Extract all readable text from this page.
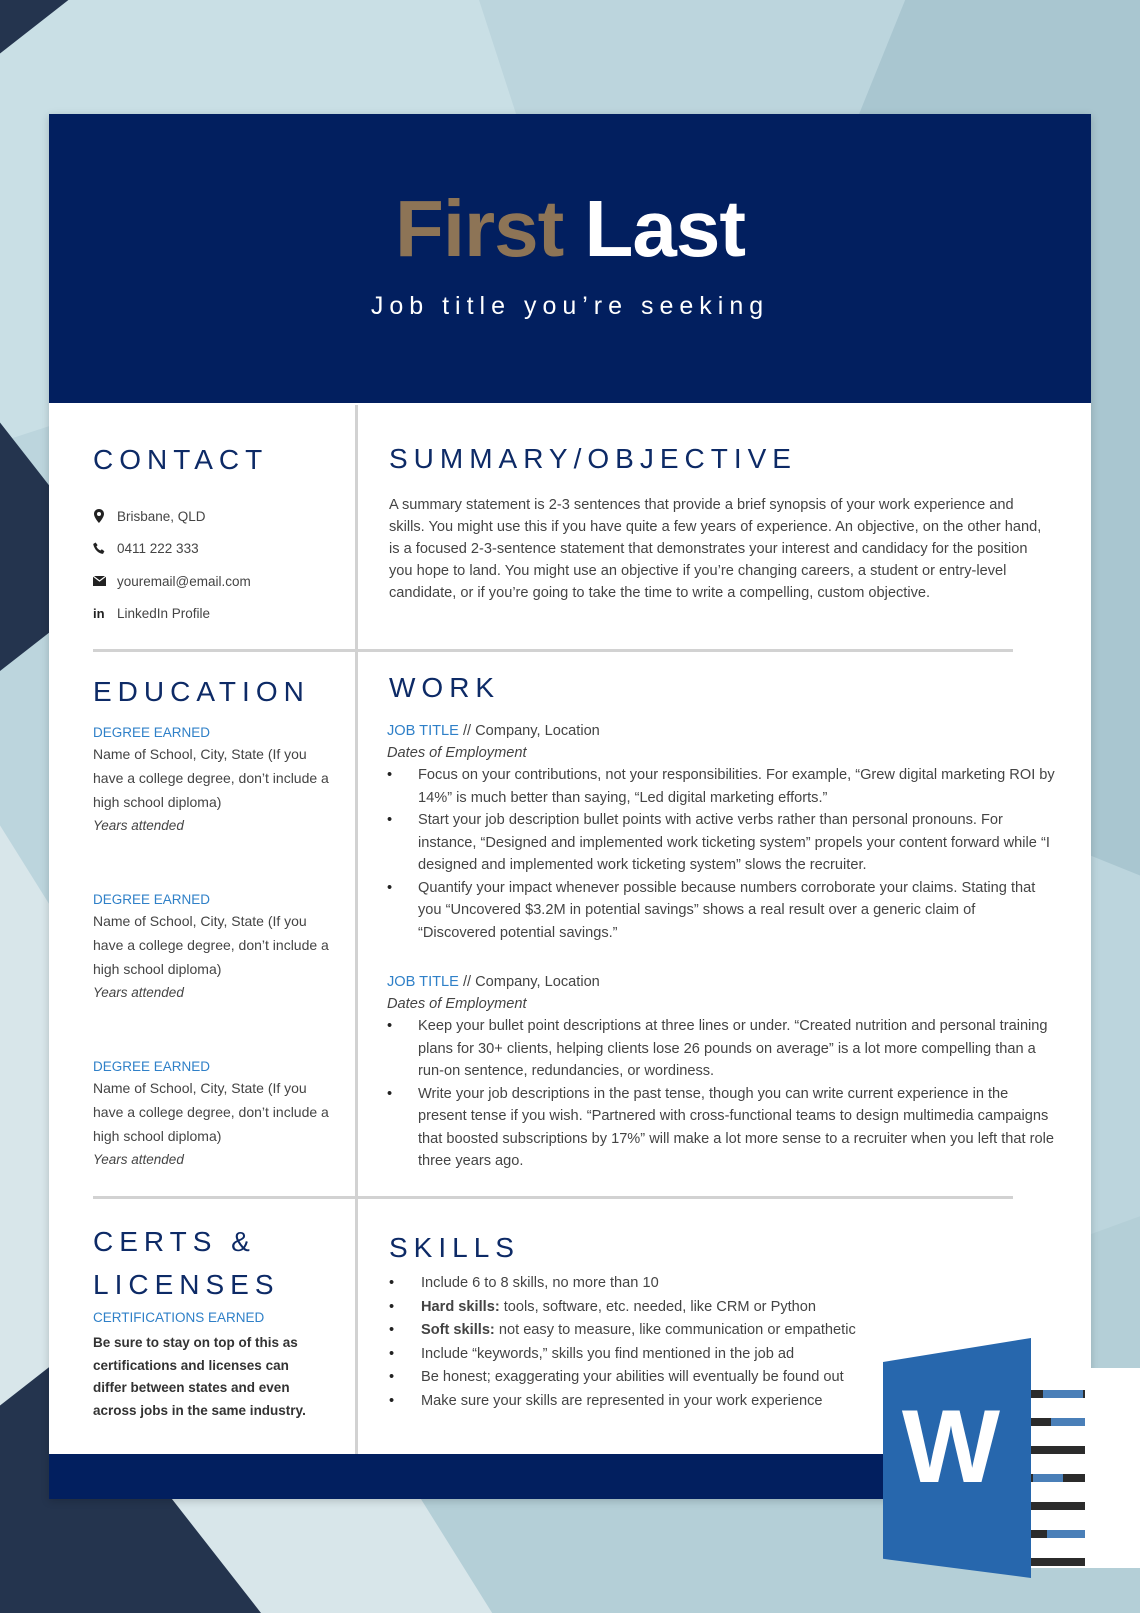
First Last
Job title you’re seeking
CONTACT
Brisbane, QLD
0411 222 333
youremail@email.com
in LinkedIn Profile
SUMMARY/OBJECTIVE
A summary statement is 2-3 sentences that provide a brief synopsis of your work experience and skills. You might use this if you have quite a few years of experience. An objective, on the other hand, is a focused 2-3-sentence statement that demonstrates your interest and candidacy for the position you hope to land. You might use an objective if you’re changing careers, a student or entry-level candidate, or if you’re going to take the time to write a compelling, custom objective.
EDUCATION
DEGREE EARNED
Name of School, City, State (If you have a college degree, don’t include a high school diploma)
Years attended
DEGREE EARNED
Name of School, City, State (If you have a college degree, don’t include a high school diploma)
Years attended
DEGREE EARNED
Name of School, City, State (If you have a college degree, don’t include a high school diploma)
Years attended
WORK
JOB TITLE // Company, Location
Dates of Employment
• Focus on your contributions, not your responsibilities. For example, “Grew digital marketing ROI by 14%” is much better than saying, “Led digital marketing efforts.”
• Start your job description bullet points with active verbs rather than personal pronouns. For instance, “Designed and implemented work ticketing system” propels your content forward while “I designed and implemented work ticketing system” slows the recruiter.
• Quantify your impact whenever possible because numbers corroborate your claims. Stating that you “Uncovered $3.2M in potential savings” shows a real result over a generic claim of “Discovered potential savings.”
JOB TITLE // Company, Location
Dates of Employment
• Keep your bullet point descriptions at three lines or under. “Created nutrition and personal training plans for 30+ clients, helping clients lose 26 pounds on average” is a lot more compelling than a run-on sentence, redundancies, or wordiness.
• Write your job descriptions in the past tense, though you can write current experience in the present tense if you wish. “Partnered with cross-functional teams to design multimedia campaigns that boosted subscriptions by 17%” will make a lot more sense to a recruiter when you left that role three years ago.
CERTS &
LICENSES
CERTIFICATIONS EARNED
Be sure to stay on top of this as certifications and licenses can differ between states and even across jobs in the same industry.
SKILLS
• Include 6 to 8 skills, no more than 10
• Hard skills: tools, software, etc. needed, like CRM or Python
• Soft skills: not easy to measure, like communication or empathetic
• Include “keywords,” skills you find mentioned in the job ad
• Be honest; exaggerating your abilities will eventually be found out
• Make sure your skills are represented in your work experience W
